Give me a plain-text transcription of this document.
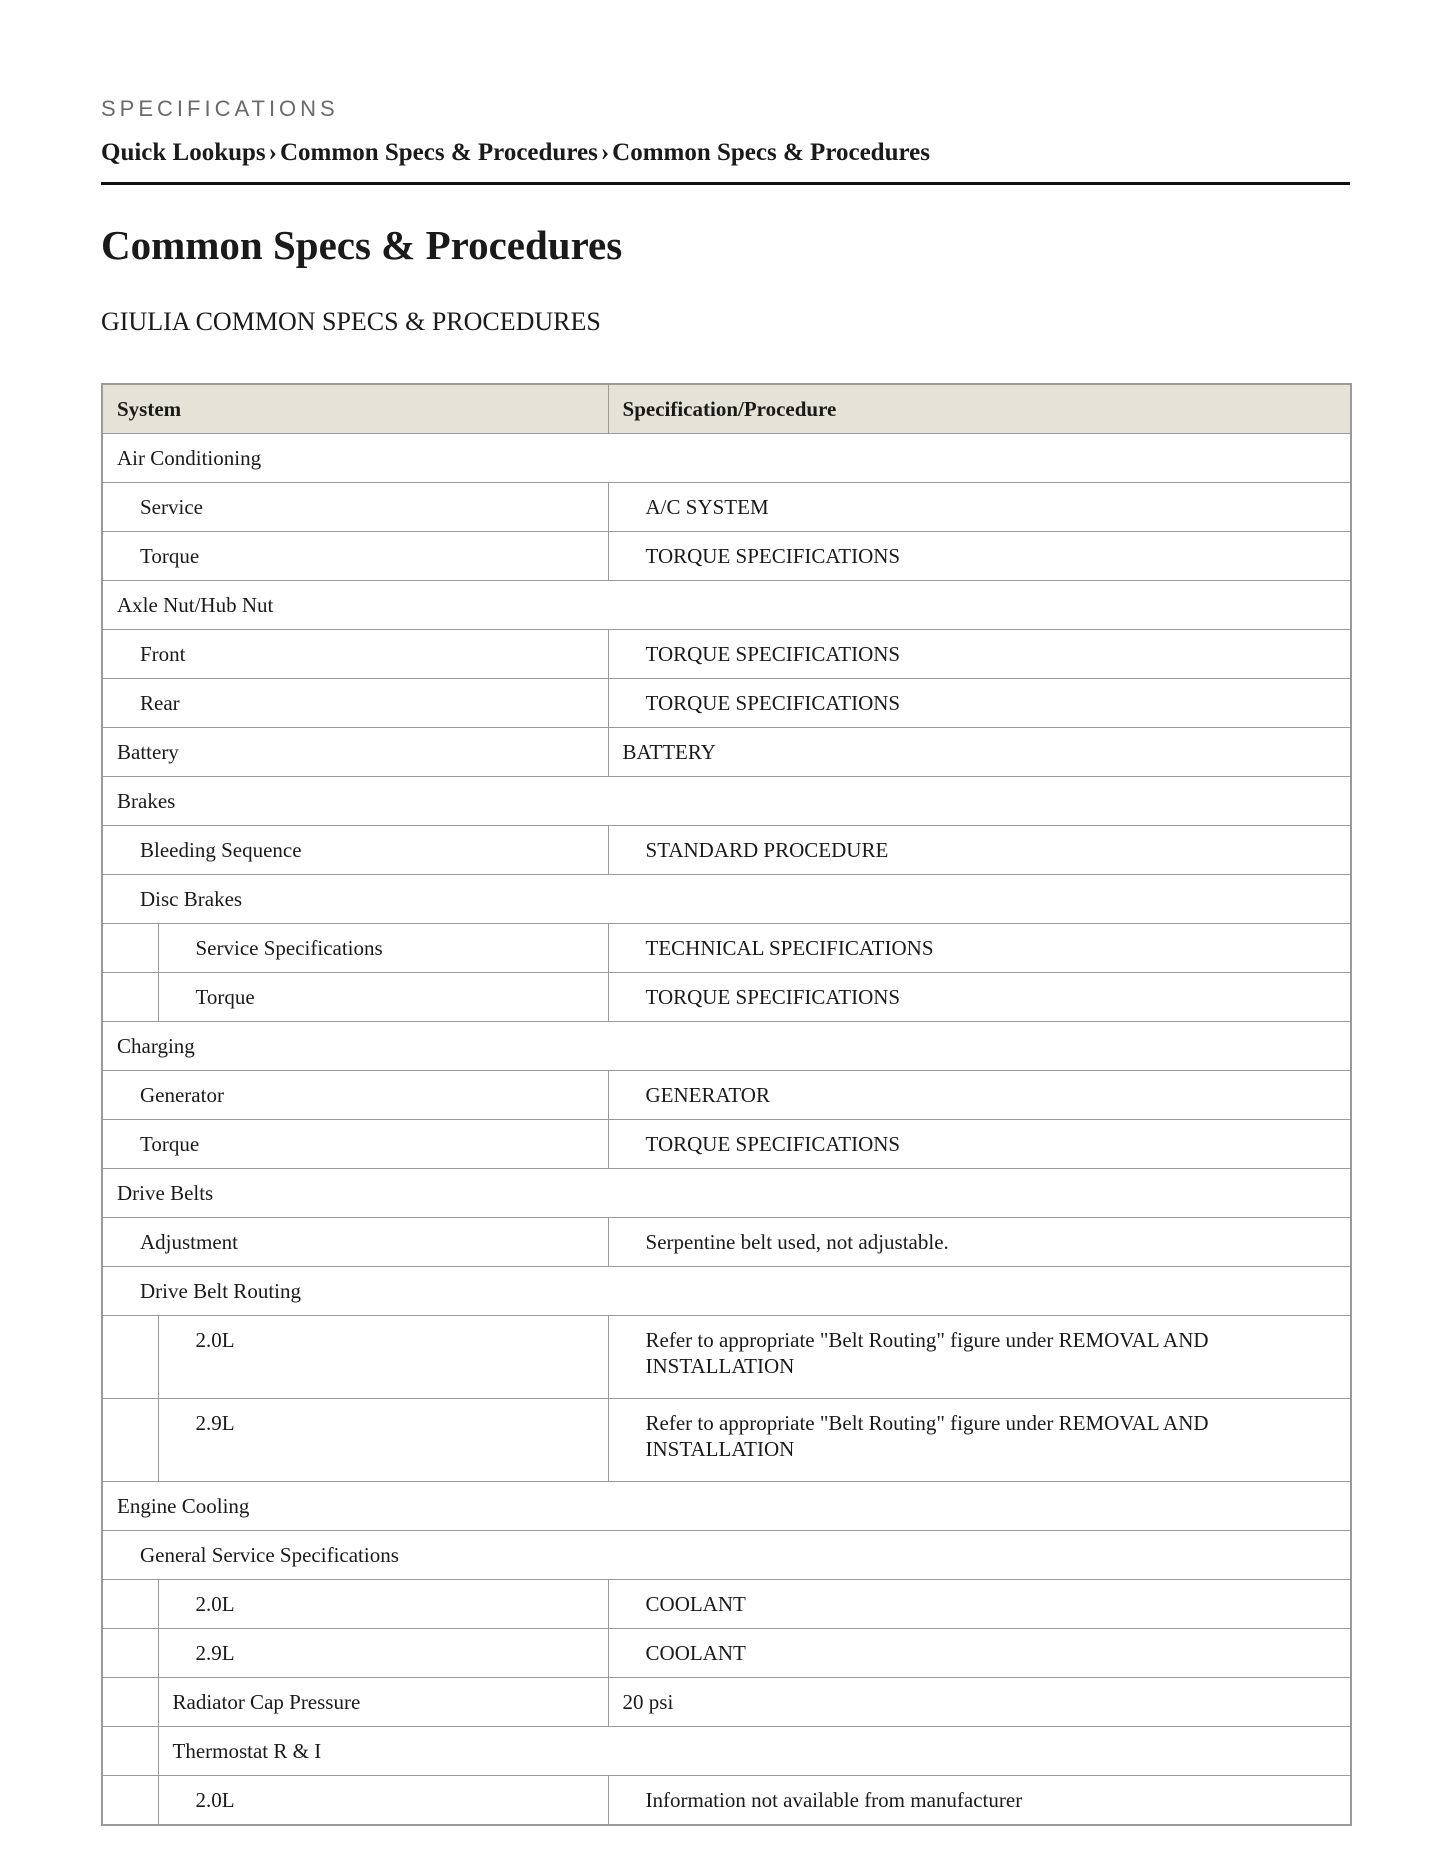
SPECIFICATIONS
Quick Lookups › Common Specs & Procedures › Common Specs & Procedures
Common Specs & Procedures
GIULIA COMMON SPECS & PROCEDURES
System		Specification/Procedure

Air Conditioning		

Service		A/C SYSTEM

Torque		TORQUE SPECIFICATIONS

Axle Nut/Hub Nut		

Front		TORQUE SPECIFICATIONS

Rear		TORQUE SPECIFICATIONS

Battery		BATTERY

Brakes		

Bleeding Sequence		STANDARD PROCEDURE

Disc Brakes		

	Service Specifications	TECHNICAL SPECIFICATIONS

	Torque	TORQUE SPECIFICATIONS

Charging		

Generator		GENERATOR

Torque		TORQUE SPECIFICATIONS

Drive Belts		

Adjustment		Serpentine belt used, not adjustable.

Drive Belt Routing		

	2.0L	Refer to appropriate "Belt Routing" figure under REMOVAL AND INSTALLATION

	2.9L	Refer to appropriate "Belt Routing" figure under REMOVAL AND INSTALLATION

Engine Cooling		

General Service Specifications		

	2.0L	COOLANT

	2.9L	COOLANT

	Radiator Cap Pressure	20 psi

	Thermostat R & I	

	2.0L	Information not available from manufacturer
